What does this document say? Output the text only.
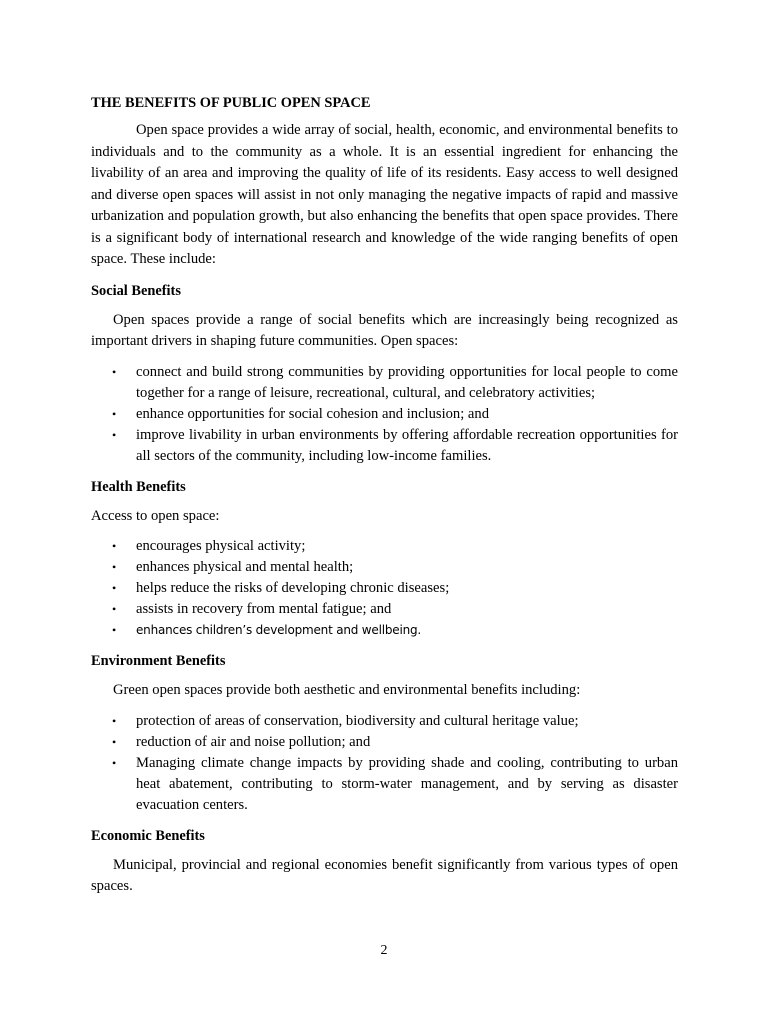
THE BENEFITS OF PUBLIC OPEN SPACE

Open space provides a wide array of social, health, economic, and environmental benefits to individuals and to the community as a whole. It is an essential ingredient for enhancing the livability of an area and improving the quality of life of its residents. Easy access to well designed and diverse open spaces will assist in not only managing the negative impacts of rapid and massive urbanization and population growth, but also enhancing the benefits that open space provides. There is a significant body of international research and knowledge of the wide ranging benefits of open space. These include:

Social Benefits

Open spaces provide a range of social benefits which are increasingly being recognized as important drivers in shaping future communities. Open spaces:

• connect and build strong communities by providing opportunities for local people to come together for a range of leisure, recreational, cultural, and celebratory activities;
• enhance opportunities for social cohesion and inclusion; and
• improve livability in urban environments by offering affordable recreation opportunities for all sectors of the community, including low-income families.
Health Benefits

Access to open space:

• encourages physical activity;
• enhances physical and mental health;
• helps reduce the risks of developing chronic diseases;
• assists in recovery from mental fatigue; and
• enhances children’s development and wellbeing.
Environment Benefits

Green open spaces provide both aesthetic and environmental benefits including:

• protection of areas of conservation, biodiversity and cultural heritage value;
• reduction of air and noise pollution; and
• Managing climate change impacts by providing shade and cooling, contributing to urban heat abatement, contributing to storm-water management, and by serving as disaster evacuation centers.
Economic Benefits

Municipal, provincial and regional economies benefit significantly from various types of open spaces.

2
